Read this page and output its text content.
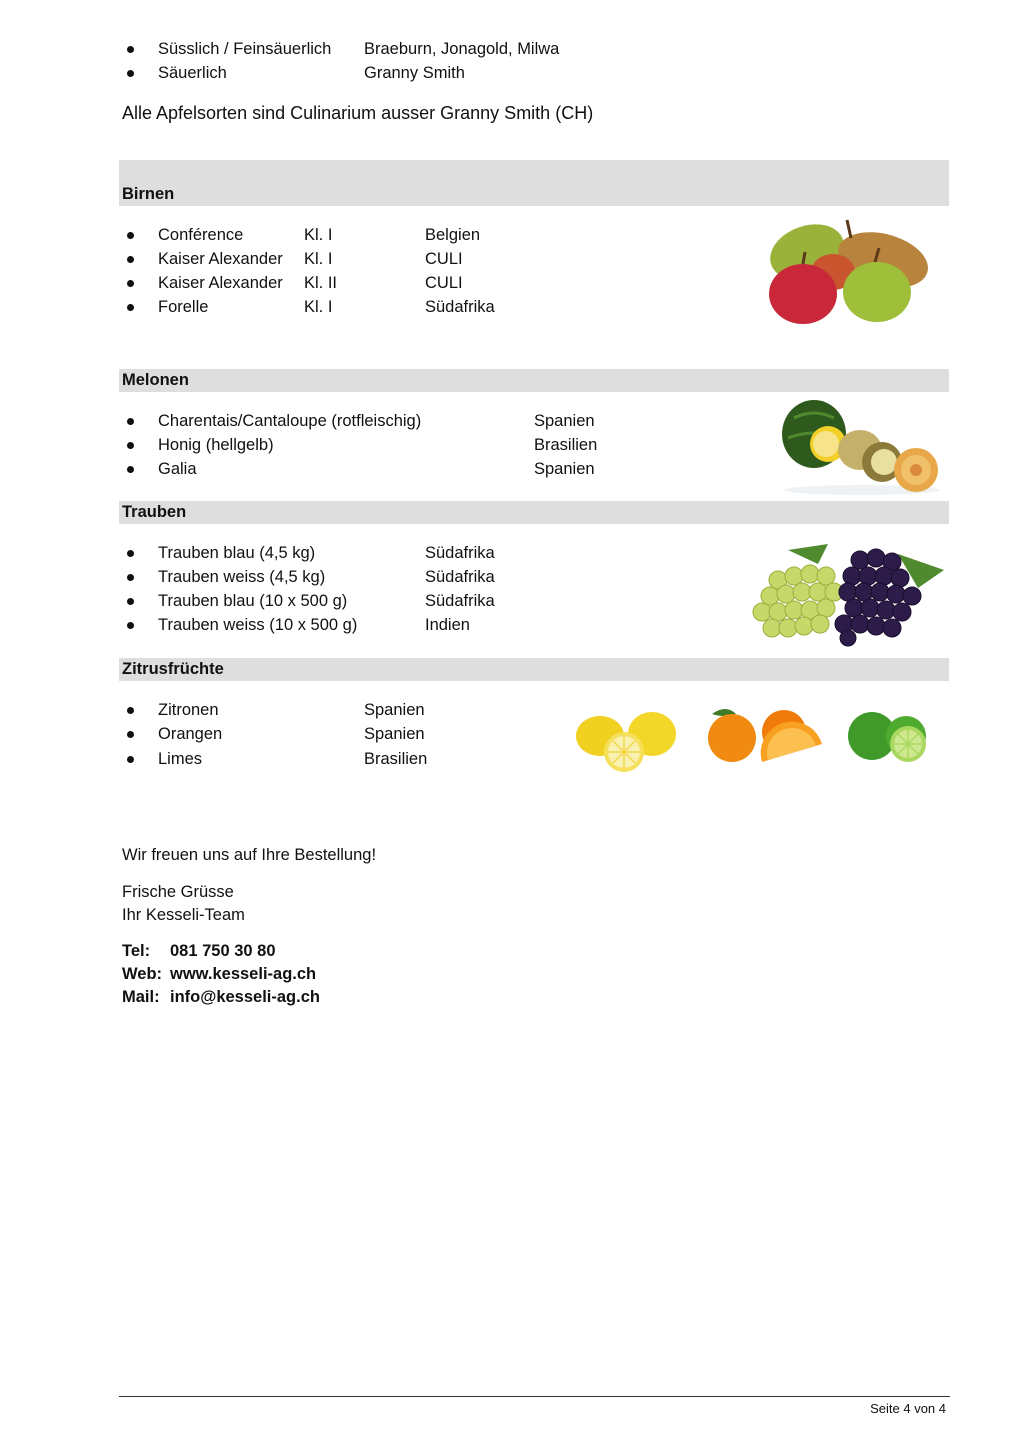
Süsslich / Feinsäuerlich Braeburn, Jonagold, Milwa
Säuerlich	Granny Smith
Alle Apfelsorten sind Culinarium ausser Granny Smith (CH)
Birnen
Conférence	Kl. I	Belgien
Kaiser Alexander Kl. I	CULI
Kaiser Alexander Kl. II	CULI
Forelle	Kl. I	Südafrika
Melonen
Charentais/Cantaloupe (rotfleischig)	Spanien
Honig (hellgelb)	Brasilien
Galia	Spanien
Trauben
Trauben blau (4,5 kg)	Südafrika
Trauben weiss (4,5 kg)	Südafrika
Trauben blau (10 x 500 g)	Südafrika
Trauben weiss (10 x 500 g)	Indien
Zitrusfrüchte
Zitronen	Spanien
Orangen	Spanien
Limes	Brasilien
Wir freuen uns auf Ihre Bestellung!
Frische Grüsse
Ihr Kesseli-Team
Tel: 081 750 30 80
Web: www.kesseli-ag.ch
Mail: info@kesseli-ag.ch
Seite 4 von 4
